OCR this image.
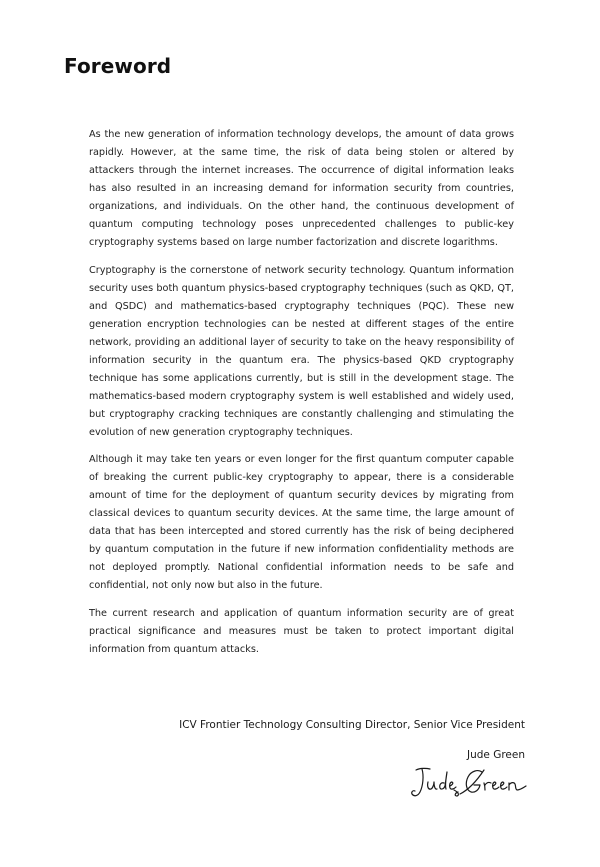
Foreword

As the new generation of information technology develops, the amount of data grows rapidly. However, at the same time, the risk of data being stolen or altered by attackers through the internet increases. The occurrence of digital information leaks has also resulted in an increasing demand for information security from countries, organizations, and individuals. On the other hand, the continuous development of quantum computing technology poses unprecedented challenges to public-key cryptography systems based on large number factorization and discrete logarithms.

Cryptography is the cornerstone of network security technology. Quantum information security uses both quantum physics-based cryptography techniques (such as QKD, QT, and QSDC) and mathematics-based cryptography techniques (PQC). These new generation encryption technologies can be nested at different stages of the entire network, providing an additional layer of security to take on the heavy responsibility of information security in the quantum era. The physics-based QKD cryptography technique has some applications currently, but is still in the development stage. The mathematics-based modern cryptography system is well established and widely used, but cryptography cracking techniques are constantly challenging and stimulating the evolution of new generation cryptography techniques.

Although it may take ten years or even longer for the first quantum computer capable of breaking the current public-key cryptography to appear, there is a considerable amount of time for the deployment of quantum security devices by migrating from classical devices to quantum security devices. At the same time, the large amount of data that has been intercepted and stored currently has the risk of being deciphered by quantum computation in the future if new information confidentiality methods are not deployed promptly. National confidential information needs to be safe and confidential, not only now but also in the future.

The current research and application of quantum information security are of great practical significance and measures must be taken to protect important digital information from quantum attacks.

ICV Frontier Technology Consulting Director, Senior Vice President

Jude Green
